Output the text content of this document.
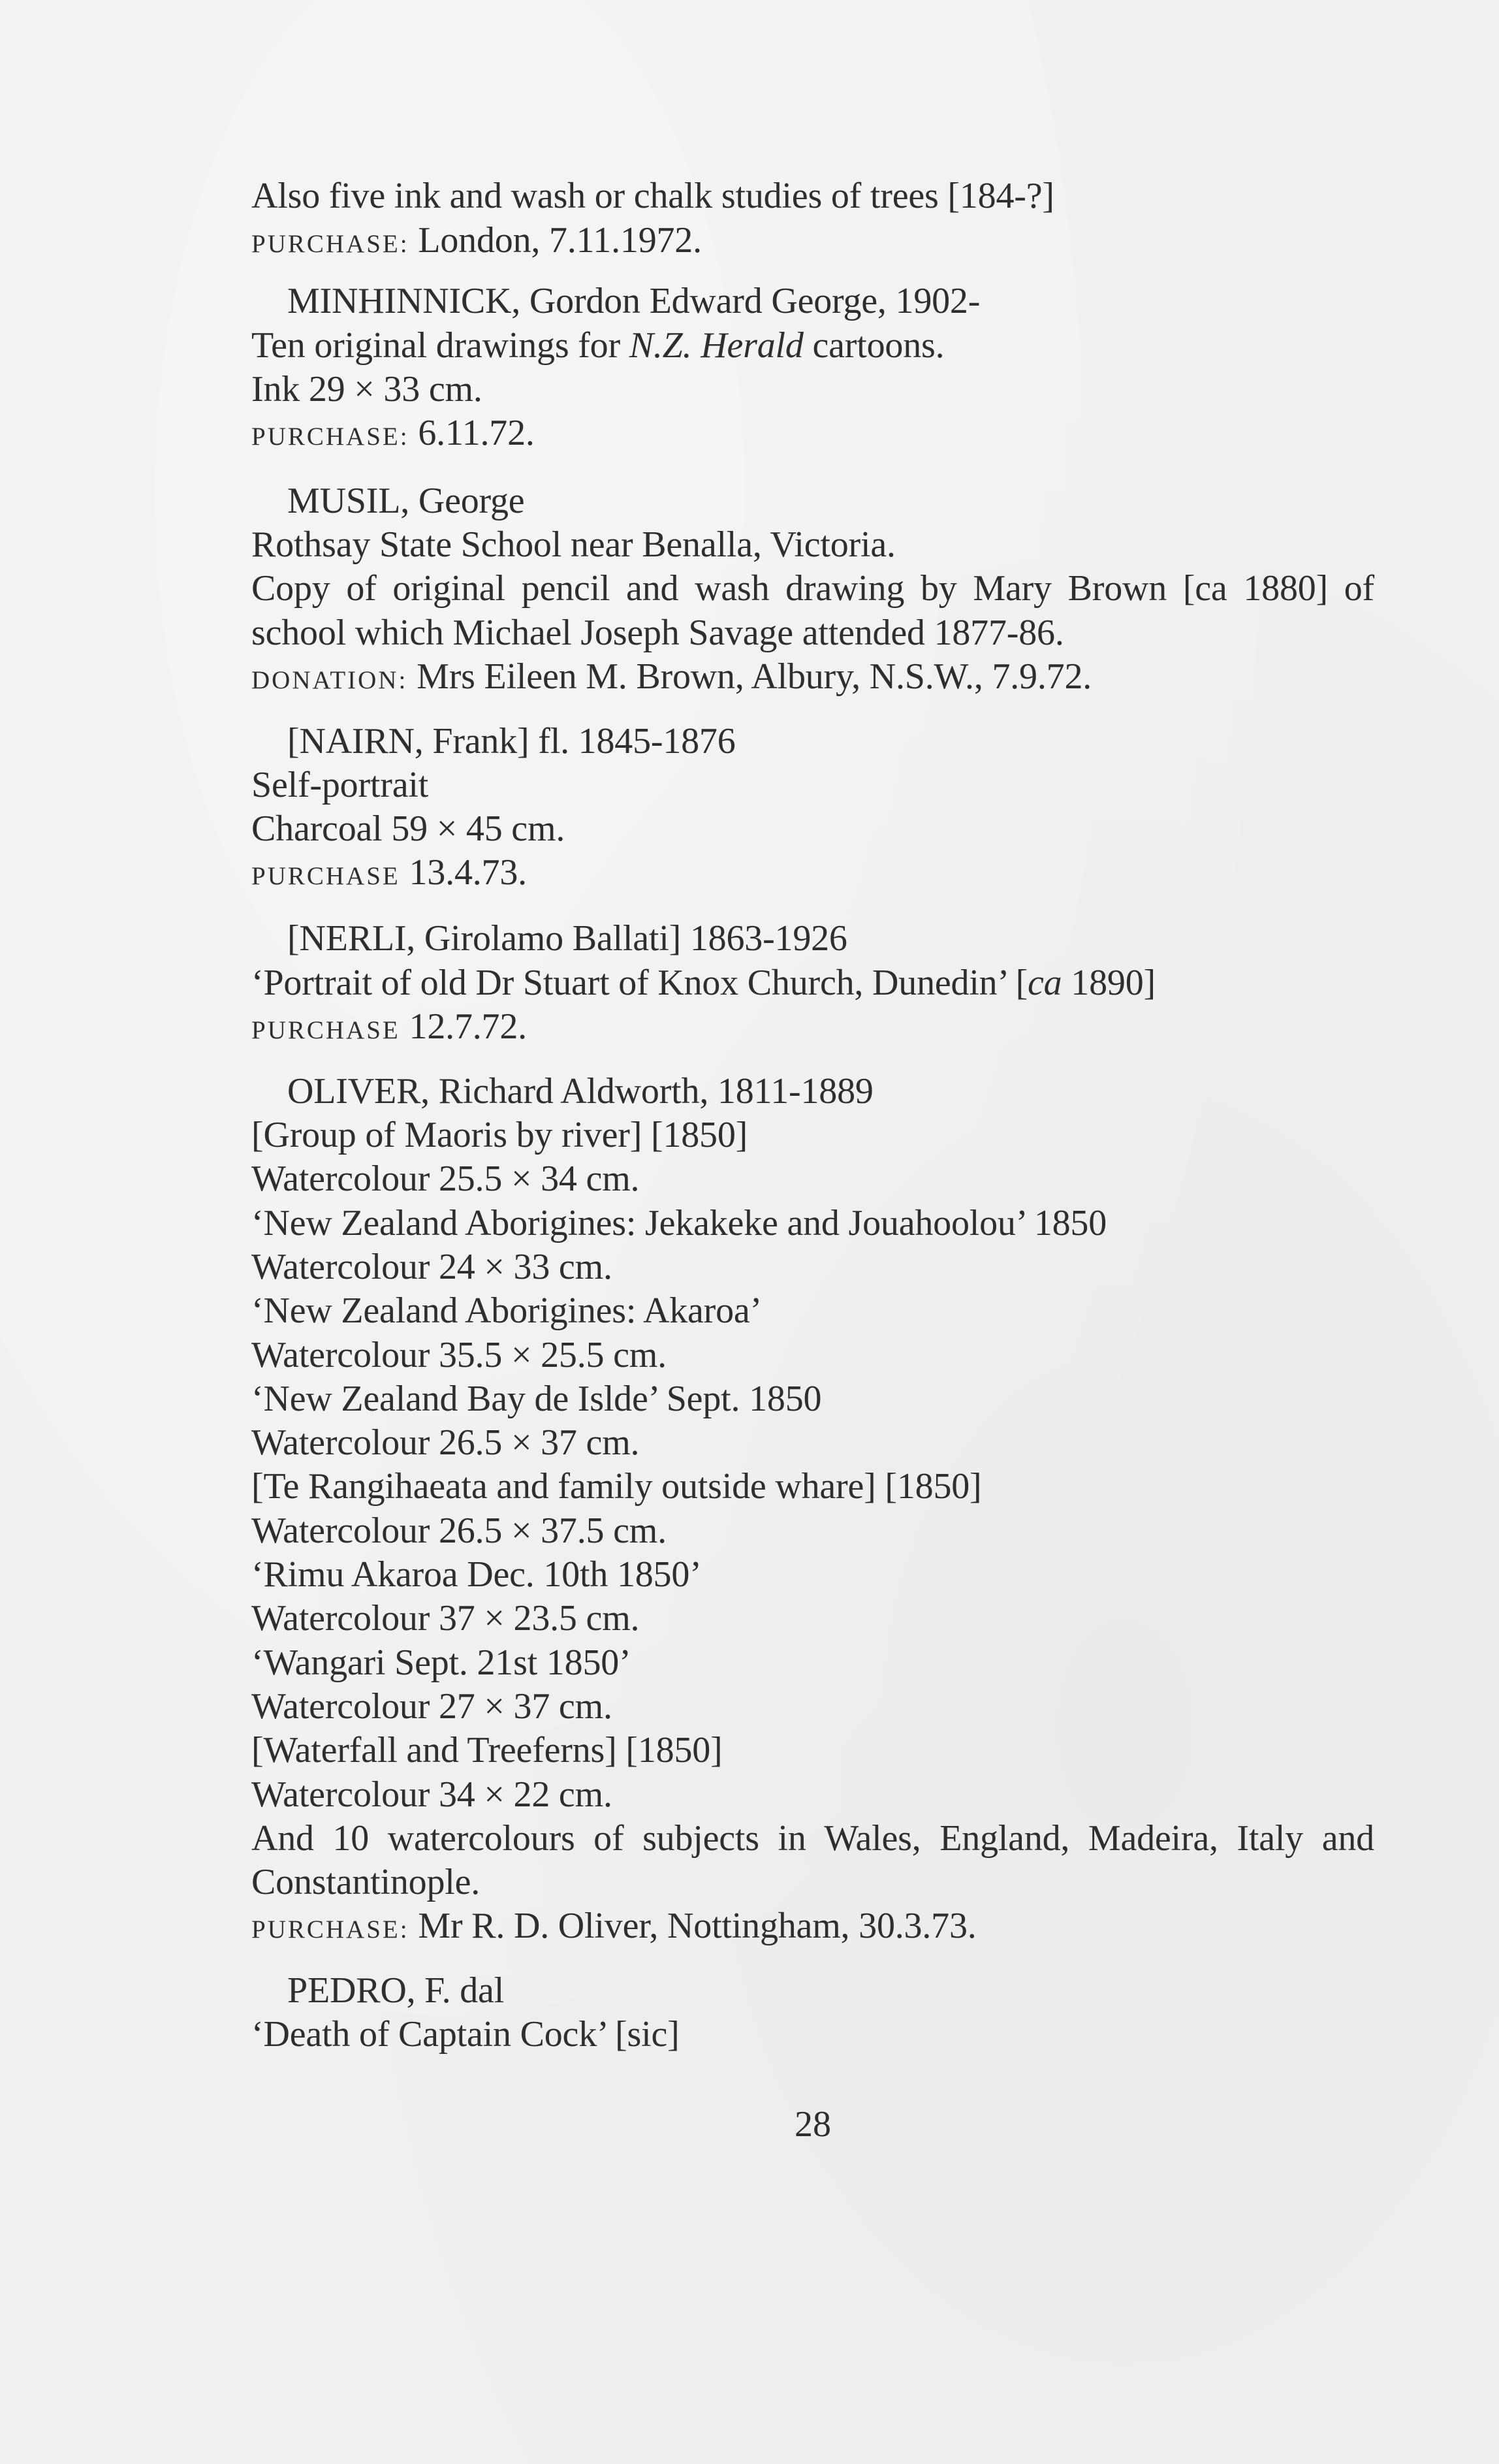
Also five ink and wash or chalk studies of trees [184-?]
PURCHASE: London, 7.11.1972.
MINHINNICK, Gordon Edward George, 1902-
Ten original drawings for N.Z. Herald cartoons.
Ink 29 × 33 cm.
PURCHASE: 6.11.72.
MUSIL, George
Rothsay State School near Benalla, Victoria.
Copy of original pencil and wash drawing by Mary Brown [ca 1880] of
school which Michael Joseph Savage attended 1877-86.
DONATION: Mrs Eileen M. Brown, Albury, N.S.W., 7.9.72.
[NAIRN, Frank] fl. 1845-1876
Self-portrait
Charcoal 59 × 45 cm.
PURCHASE 13.4.73.
[NERLI, Girolamo Ballati] 1863-1926
‘Portrait of old Dr Stuart of Knox Church, Dunedin’ [ca 1890]
PURCHASE 12.7.72.
OLIVER, Richard Aldworth, 1811-1889
[Group of Maoris by river] [1850]
Watercolour 25.5 × 34 cm.
‘New Zealand Aborigines: Jekakeke and Jouahoolou’ 1850
Watercolour 24 × 33 cm.
‘New Zealand Aborigines: Akaroa’
Watercolour 35.5 × 25.5 cm.
‘New Zealand Bay de Islde’ Sept. 1850
Watercolour 26.5 × 37 cm.
[Te Rangihaeata and family outside whare] [1850]
Watercolour 26.5 × 37.5 cm.
‘Rimu Akaroa Dec. 10th 1850’
Watercolour 37 × 23.5 cm.
‘Wangari Sept. 21st 1850’
Watercolour 27 × 37 cm.
[Waterfall and Treeferns] [1850]
Watercolour 34 × 22 cm.
And 10 watercolours of subjects in Wales, England, Madeira, Italy and
Constantinople.
PURCHASE: Mr R. D. Oliver, Nottingham, 30.3.73.
PEDRO, F. dal
‘Death of Captain Cock’ [sic]
28
